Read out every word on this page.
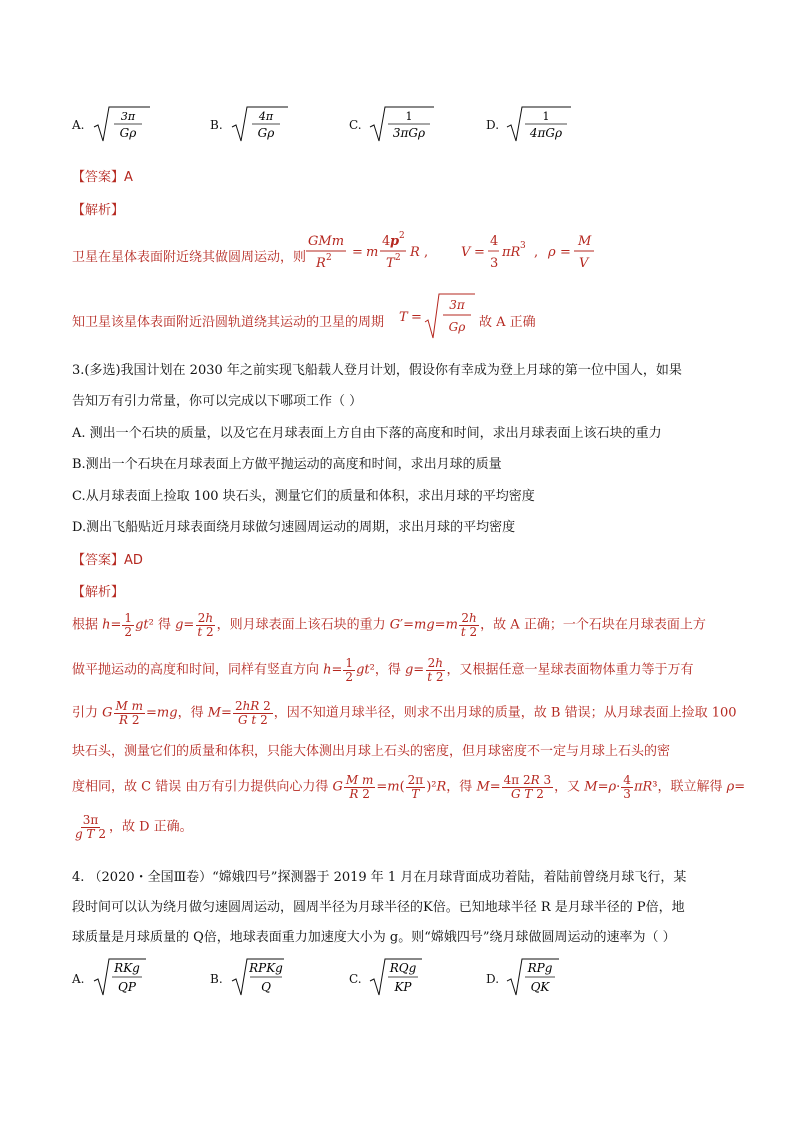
A.
3π
Gρ
B.
4π
Gρ
C.
1
3πGρ
D.
1
4πGρ
【答案】A
【解析】
卫星在星体表面附近绕其做圆周运动，则
GMm
R 2 = m
4 p 2
T 2 R ,	V =
4
3
πR 3 , ρ =
M
V
知卫星该星体表面附近沿圆轨道绕其运动的卫星的周期 T =
3π
Gρ 故 A 正确
3.(多选)我国计划在 2030 年之前实现飞船载人登月计划，假设你有幸成为登上月球的第一位中国人，如果
告知万有引力常量，你可以完成以下哪项工作（ ）
A. 测出一个石块的质量，以及它在月球表面上方自由下落的高度和时间，求出月球表面上该石块的重力
B.测出一个石块在月球表面上方做平抛运动的高度和时间，求出月球的质量
C.从月球表面上捡取 100 块石头，测量它们的质量和体积，求出月球的平均密度
D.测出飞船贴近月球表面绕月球做匀速圆周运动的周期，求出月球的平均密度
【答案】AD
【解析】
根据 $h= \frac{1}{2} gt^2$ 得 $g= \frac{2h}{t 2}$ ，则月球表面上该石块的重力 $G'=mg=m \frac{2h}{t 2}$ ，故 A 正确；一个石块在月球表面上方
做平抛运动的高度和时间，同样有竖直方向 $h= \frac{1}{2} gt^2$，得 $g= \frac{2h}{t 2}$ ，又根据任意一星球表面物体重力等于万有
引力 G $\frac{\text{M m}}{R 2} =mg$，得 $M= \frac{2hR 2}{\text{G t 2}}$ ，因不知道月球半径，则求不出月球的质量，故 B 错误；从月球表面上捡取 100
块石头，测量它们的质量和体积，只能大体测出月球上石头的密度，但月球密度不一定与月球上石头的密
度相同，故 C 错误 由万有引力提供向心力得 G $\frac{\text{M m}}{R 2} =m( \frac{2\pi}{T} )^2R$，得 $M= \frac{4\pi 2R 3}{\text{G T 2}}$ ，又 $M=\rho\cdot \frac{4}{3} \pi R^3$，联立解得 ρ=
$\frac{3\pi}{\text{g T 2}}$ ，故 D 正确。
4. （2020・全国Ⅲ卷）“嫦娥四号”探测器于 2019 年 1 月在月球背面成功着陆，着陆前曾绕月球飞行，某
段时间可以认为绕月做匀速圆周运动，圆周半径为月球半径的K倍。已知地球半径 R 是月球半径的 P倍，地
球质量是月球质量的 Q倍，地球表面重力加速度大小为 g。则“嫦娥四号”绕月球做圆周运动的速率为（ ）
A.
RKg
QP
B.
RPKg
Q
C.
RQg
KP
D.
RPg
QK
